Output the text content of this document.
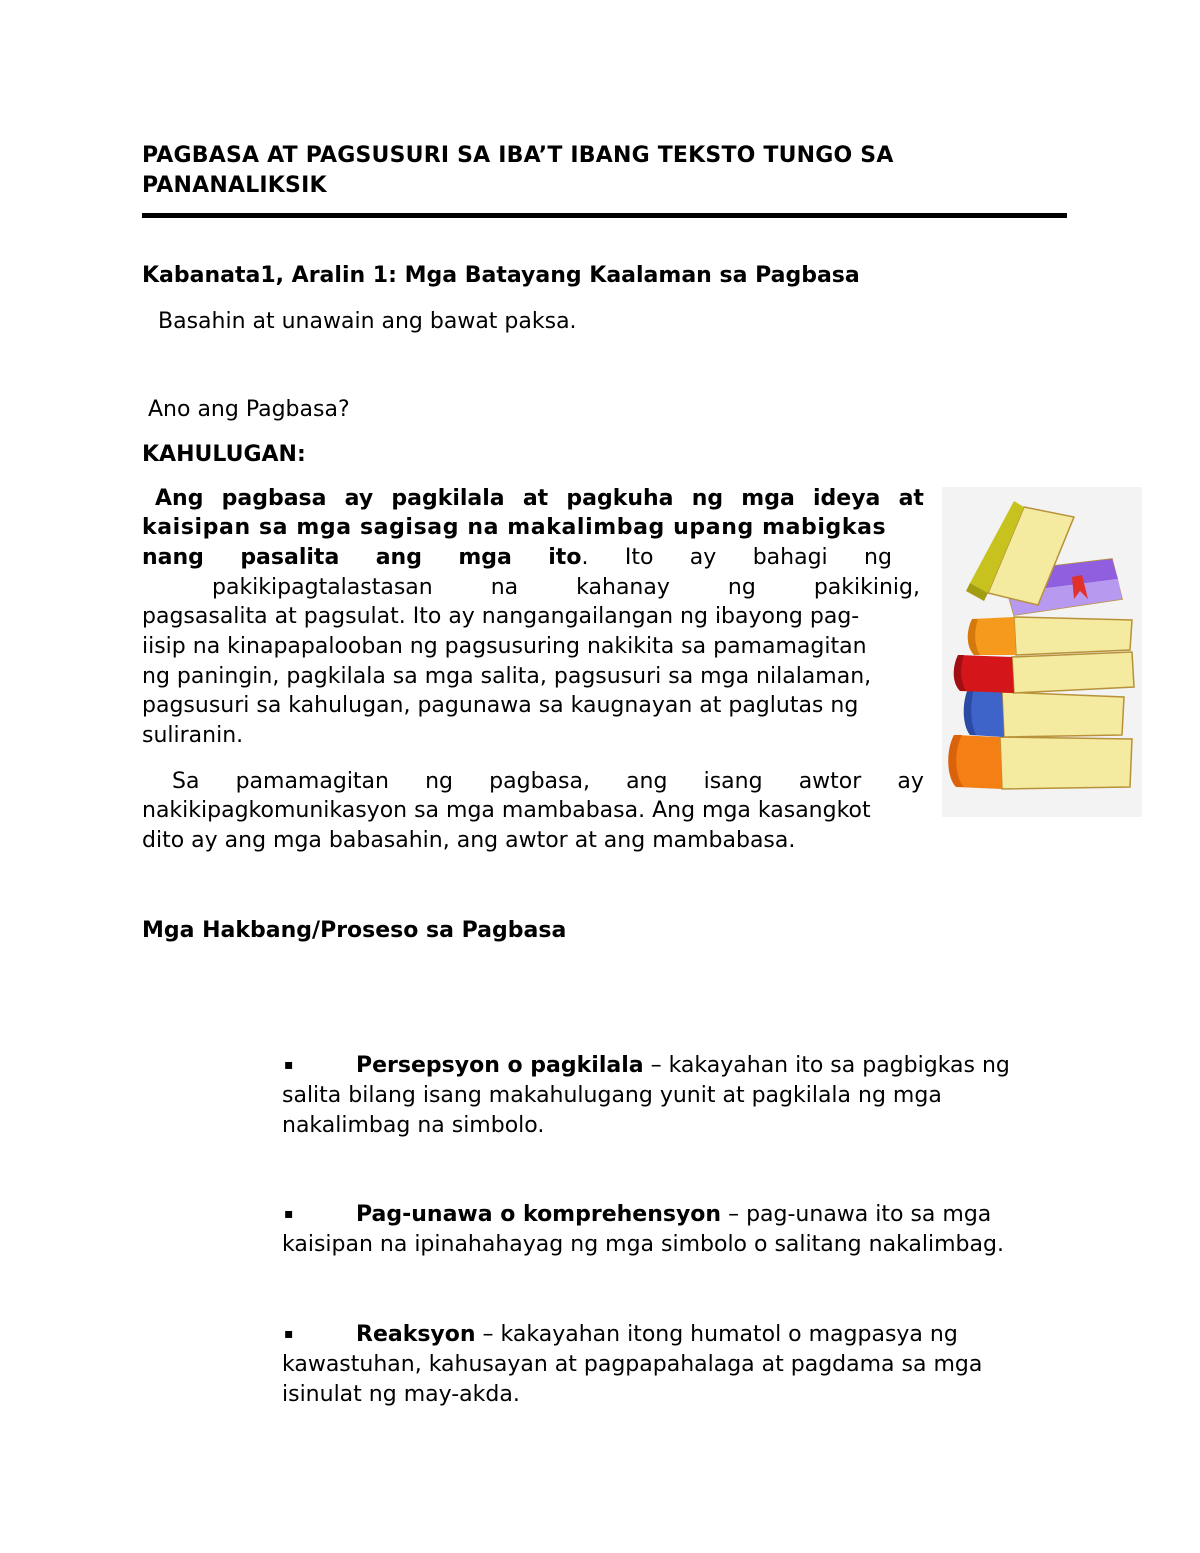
PAGBASA AT PAGSUSURI SA IBA’T IBANG TEKSTO TUNGO SA PANANALIKSIK
Kabanata1, Aralin 1: Mga Batayang Kaalaman sa Pagbasa
Basahin at unawain ang bawat paksa.
Ano ang Pagbasa?
KAHULUGAN:
Ang pagbasa ay pagkilala at pagkuha ng mga ideya at
kaisipan sa mga sagisag na makalimbag upang mabigkas
nang pasalita ang mga ito. Ito ay bahagi ng
pakikipagtalastasan	na	kahanay	ng	pakikinig,
pagsasalita at pagsulat. Ito ay nangangailangan ng ibayong pag-
iisip na kinapapalooban ng pagsusuring nakikita sa pamamagitan
ng paningin, pagkilala sa mga salita, pagsusuri sa mga nilalaman,
pagsusuri sa kahulugan, pagunawa sa kaugnayan at paglutas ng
suliranin.
Sa pamamagitan ng pagbasa, ang isang awtor ay
nakikipagkomunikasyon sa mga mambabasa. Ang mga kasangkot
dito ay ang mga babasahin, ang awtor at ang mambabasa.
Mga Hakbang/Proseso sa Pagbasa
▪	Persepsyon o pagkilala – kakayahan ito sa pagbigkas ng
salita bilang isang makahulugang yunit at pagkilala ng mga
nakalimbag na simbolo.
▪	Pag-unawa o komprehensyon – pag-unawa ito sa mga
kaisipan na ipinahahayag ng mga simbolo o salitang nakalimbag.
▪	Reaksyon – kakayahan itong humatol o magpasya ng
kawastuhan, kahusayan at pagpapahalaga at pagdama sa mga
isinulat ng may-akda.
